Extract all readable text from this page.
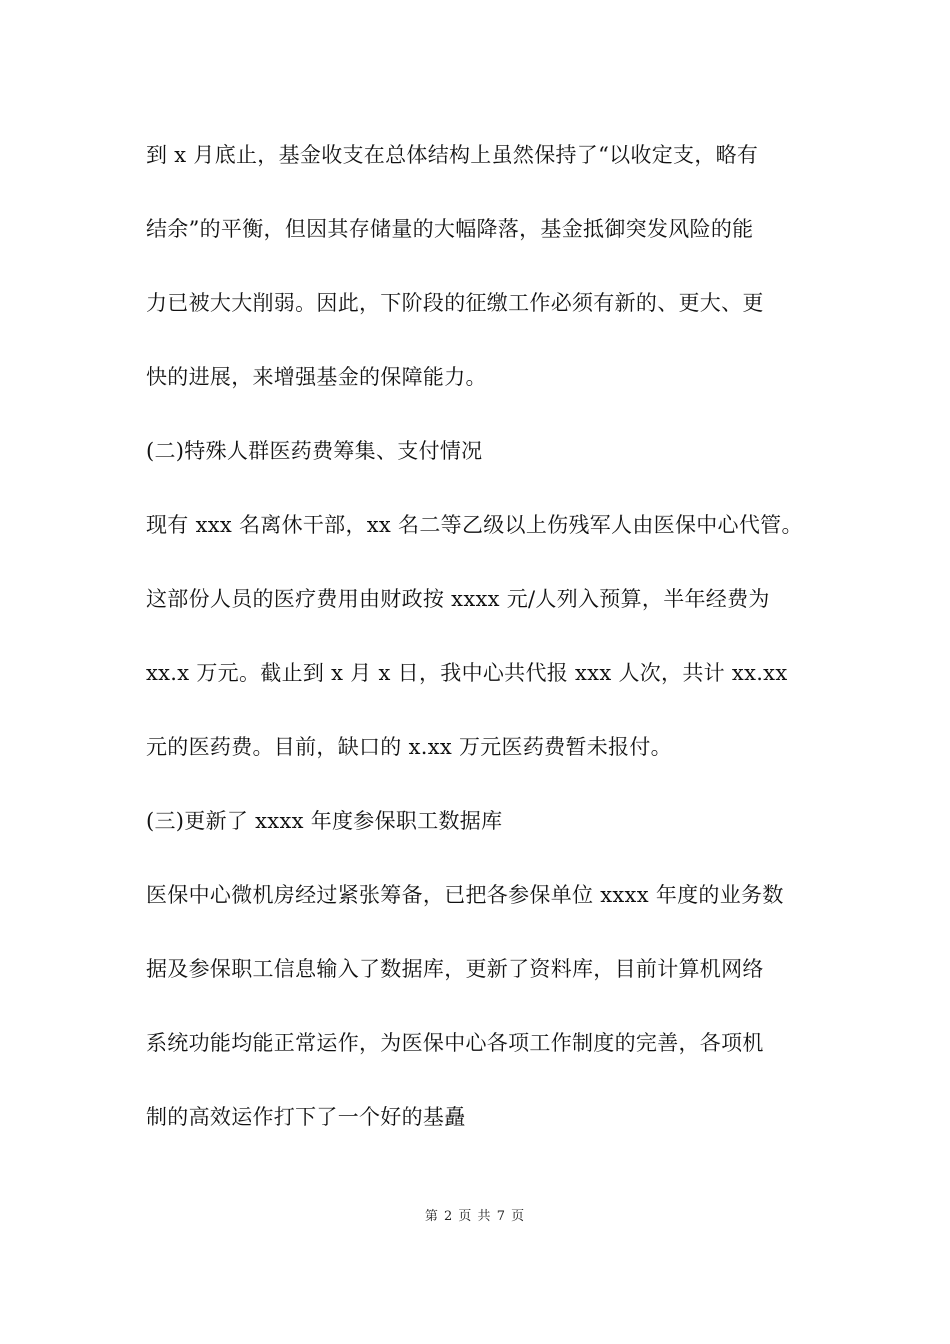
到 x 月底止，基金收支在总体结构上虽然保持了“以收定支，略有
结余”的平衡，但因其存储量的大幅降落，基金抵御突发风险的能
力已被大大削弱。因此，下阶段的征缴工作必须有新的、更大、更
快的进展，来增强基金的保障能力。
(二)特殊人群医药费筹集、支付情况
现有 xxx 名离休干部，xx 名二等乙级以上伤残军人由医保中心代管。
这部份人员的医疗费用由财政按 xxxx 元/人列入预算，半年经费为
xx.x 万元。截止到 x 月 x 日，我中心共代报 xxx 人次，共计 xx.xx
元的医药费。目前，缺口的 x.xx 万元医药费暂未报付。
(三)更新了 xxxx 年度参保职工数据库
医保中心微机房经过紧张筹备，已把各参保单位 xxxx 年度的业务数
据及参保职工信息输入了数据库，更新了资料库，目前计算机网络
系统功能均能正常运作，为医保中心各项工作制度的完善，各项机
制的高效运作打下了一个好的基矗
第 2 页 共 7 页
